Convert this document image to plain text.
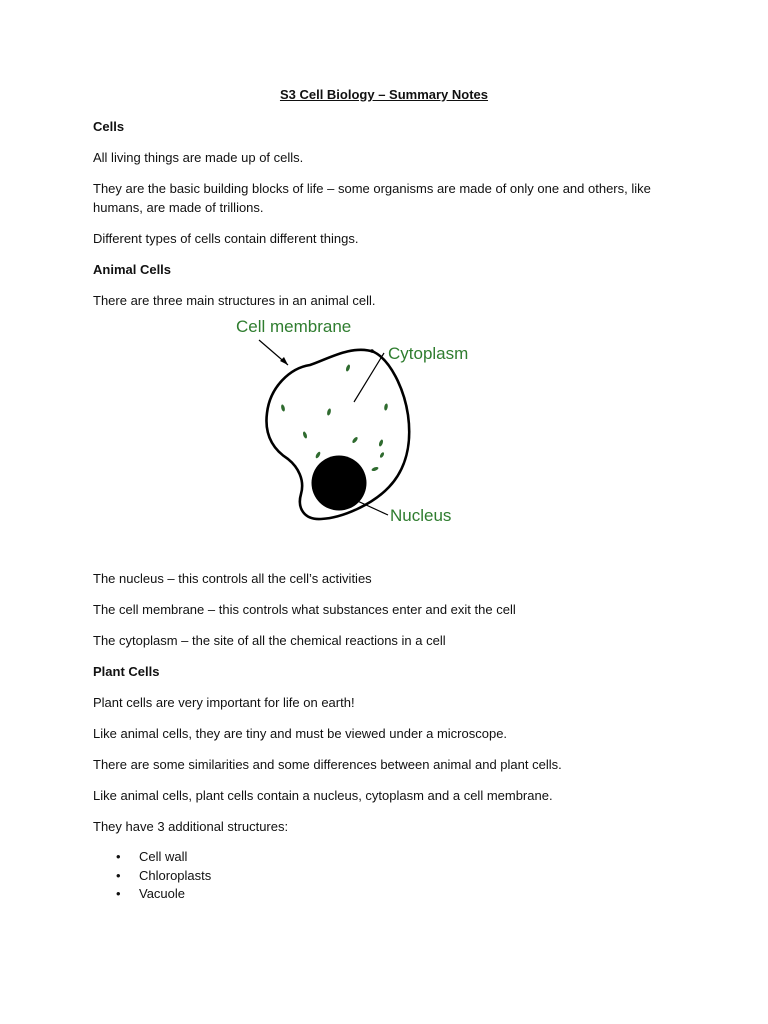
S3 Cell Biology – Summary Notes

Cells

All living things are made up of cells.

They are the basic building blocks of life – some organisms are made of only one and others, like

humans, are made of trillions.

Different types of cells contain different things.

Animal Cells

There are three main structures in an animal cell.

Cell membrane
Cytoplasm
Nucleus

The nucleus – this controls all the cell’s activities

The cell membrane – this controls what substances enter and exit the cell

The cytoplasm – the site of all the chemical reactions in a cell

Plant Cells

Plant cells are very important for life on earth!

Like animal cells, they are tiny and must be viewed under a microscope.

There are some similarities and some differences between animal and plant cells.

Like animal cells, plant cells contain a nucleus, cytoplasm and a cell membrane.

They have 3 additional structures:

• Cell wall
• Chloroplasts
• Vacuole
